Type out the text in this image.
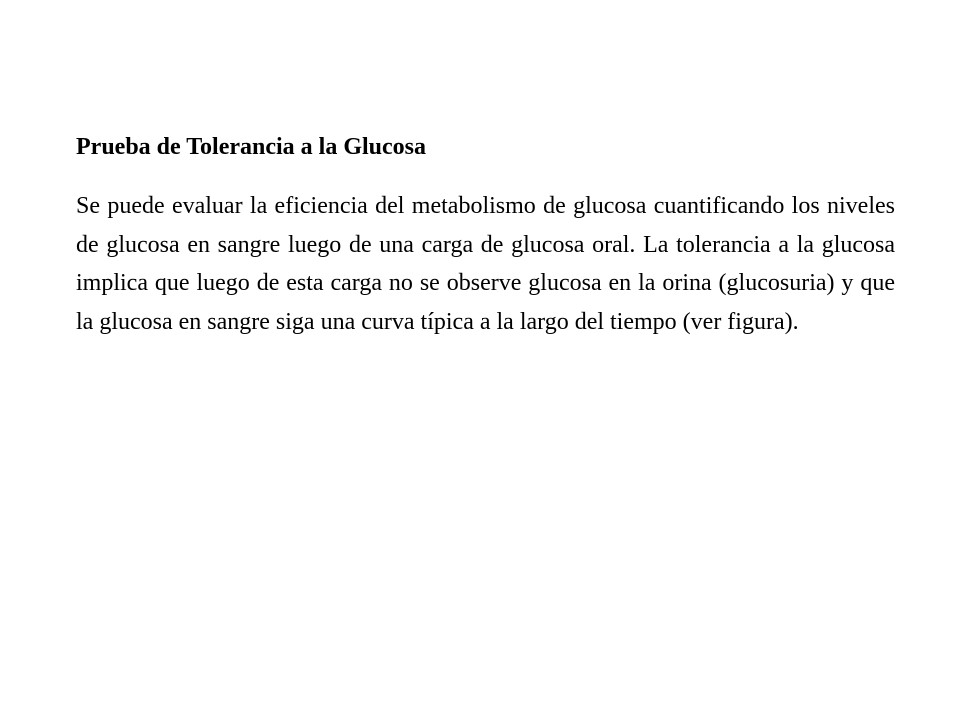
Prueba de Tolerancia a la Glucosa

Se puede evaluar la eficiencia del metabolismo de glucosa cuantificando los niveles de glucosa en sangre luego de una carga de glucosa oral. La tolerancia a la glucosa implica que luego de esta carga no se observe glucosa en la orina (glucosuria) y que la glucosa en sangre siga una curva típica a la largo del tiempo (ver figura).
